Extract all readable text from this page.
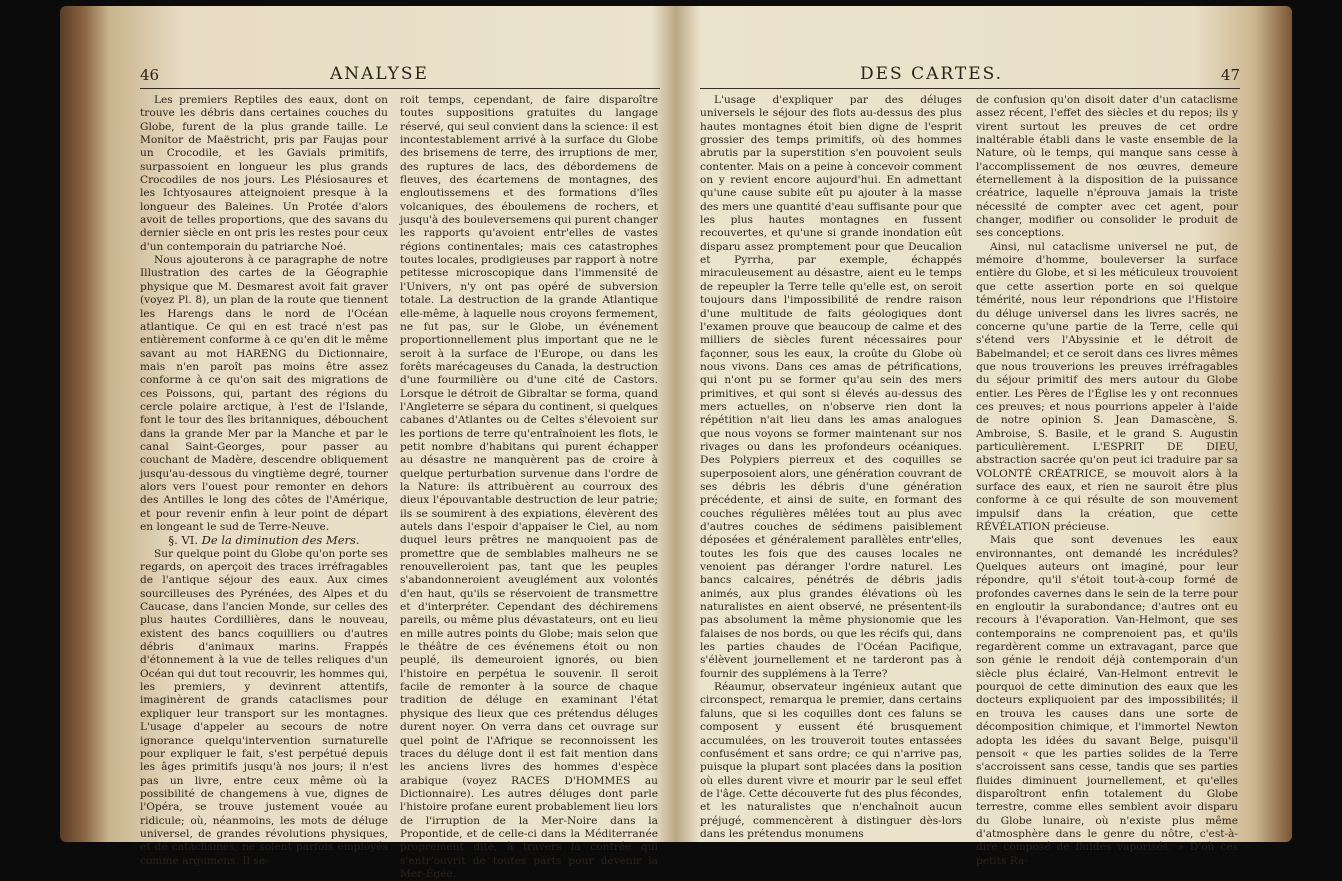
46	ANALYSE

Les premiers Reptiles des eaux, dont on trouve les débris dans certaines couches du Globe, furent de la plus grande taille. Le Monitor de Maëstricht, pris par Faujas pour un Crocodile, et les Gavials primitifs, surpassoient en longueur les plus grands Crocodiles de nos jours. Les Plésiosaures et les Ichtyosaures atteignoient presque à la longueur des Baleines. Un Protée d'alors avoit de telles proportions, que des savans du dernier siècle en ont pris les restes pour ceux d'un contemporain du patriarche Noé.

Nous ajouterons à ce paragraphe de notre Illustration des cartes de la Géographie physique que M. Desmarest avoit fait graver (voyez Pl. 8), un plan de la route que tiennent les Harengs dans le nord de l'Océan atlantique. Ce qui en est tracé n'est pas entièrement conforme à ce qu'en dit le même savant au mot HARENG du Dictionnaire, mais n'en paroît pas moins être assez conforme à ce qu'on sait des migrations de ces Poissons, qui, partant des régions du cercle polaire arctique, à l'est de l'Islande, font le tour des îles britanniques, débouchent dans la grande Mer par la Manche et par le canal Saint-Georges, pour passer au couchant de Madère, descendre obliquement jusqu'au-dessous du vingtième degré, tourner alors vers l'ouest pour remonter en dehors des Antilles le long des côtes de l'Amérique, et pour revenir enfin à leur point de départ en longeant le sud de Terre-Neuve.

§. VI. De la diminution des Mers.

Sur quelque point du Globe qu'on porte ses regards, on aperçoit des traces irréfragables de l'antique séjour des eaux. Aux cimes sourcilleuses des Pyrénées, des Alpes et du Caucase, dans l'ancien Monde, sur celles des plus hautes Cordillières, dans le nouveau, existent des bancs coquilliers ou d'autres débris d'animaux marins. Frappés d'étonnement à la vue de telles reliques d'un Océan qui dut tout recouvrir, les hommes qui, les premiers, y devinrent attentifs, imaginèrent de grands cataclismes pour expliquer leur transport sur les montagnes. L'usage d'appeler au secours de notre ignorance quelqu'intervention surnaturelle pour expliquer le fait, s'est perpétué depuis les âges primitifs jusqu'à nos jours; il n'est pas un livre, entre ceux même où la possibilité de changemens à vue, dignes de l'Opéra, se trouve justement vouée au ridicule; où, néanmoins, les mots de déluge universel, de grandes révolutions physiques, et de cataclismes, ne soient parfois employés comme argumens. Il se-

roit temps, cependant, de faire disparoître toutes suppositions gratuites du langage réservé, qui seul convient dans la science: il est incontestablement arrivé à la surface du Globe des brisemens de terre, des irruptions de mer, des ruptures de lacs, des débordemens de fleuves, des écartemens de montagnes, des engloutissemens et des formations d'îles volcaniques, des éboulemens de rochers, et jusqu'à des bouleversemens qui purent changer les rapports qu'avoient entr'elles de vastes régions continentales; mais ces catastrophes toutes locales, prodigieuses par rapport à notre petitesse microscopique dans l'immensité de l'Univers, n'y ont pas opéré de subversion totale. La destruction de la grande Atlantique elle-même, à laquelle nous croyons fermement, ne fut pas, sur le Globe, un événement proportionnellement plus important que ne le seroit à la surface de l'Europe, ou dans les forêts marécageuses du Canada, la destruction d'une fourmilière ou d'une cité de Castors. Lorsque le détroit de Gibraltar se forma, quand l'Angleterre se sépara du continent, si quelques cabanes d'Atlantes ou de Celtes s'élevoient sur les portions de terre qu'entraînoient les flots, le petit nombre d'habitans qui purent échapper au désastre ne manquèrent pas de croire à quelque perturbation survenue dans l'ordre de la Nature: ils attribuèrent au courroux des dieux l'épouvantable destruction de leur patrie; ils se soumirent à des expiations, élevèrent des autels dans l'espoir d'appaiser le Ciel, au nom duquel leurs prêtres ne manquoient pas de promettre que de semblables malheurs ne se renouvelleroient pas, tant que les peuples s'abandonneroient aveuglément aux volontés d'en haut, qu'ils se réservoient de transmettre et d'interpréter. Cependant des déchiremens pareils, ou même plus dévastateurs, ont eu lieu en mille autres points du Globe; mais selon que le théâtre de ces événemens étoit ou non peuplé, ils demeuroient ignorés, ou bien l'histoire en perpétua le souvenir. Il seroit facile de remonter à la source de chaque tradition de déluge en examinant l'état physique des lieux que ces prétendus déluges durent noyer. On verra dans cet ouvrage sur quel point de l'Afrique se reconnoissent les traces du déluge dont il est fait mention dans les anciens livres des hommes d'espèce arabique (voyez RACES D'HOMMES au Dictionnaire). Les autres déluges dont parle l'histoire profane eurent probablement lieu lors de l'irruption de la Mer-Noire dans la Propontide, et de celle-ci dans la Méditerranée proprement dite, à travers la contrée qui s'entr'ouvrit de toutes parts pour devenir la Mer-Égée.

DES CARTES.	47

L'usage d'expliquer par des déluges universels le séjour des flots au-dessus des plus hautes montagnes étoit bien digne de l'esprit grossier des temps primitifs, où des hommes abrutis par la superstition s'en pouvoient seuls contenter. Mais on a peine à concevoir comment on y revient encore aujourd'hui. En admettant qu'une cause subite eût pu ajouter à la masse des mers une quantité d'eau suffisante pour que les plus hautes montagnes en fussent recouvertes, et qu'une si grande inondation eût disparu assez promptement pour que Deucalion et Pyrrha, par exemple, échappés miraculeusement au désastre, aient eu le temps de repeupler la Terre telle qu'elle est, on seroit toujours dans l'impossibilité de rendre raison d'une multitude de faits géologiques dont l'examen prouve que beaucoup de calme et des milliers de siècles furent nécessaires pour façonner, sous les eaux, la croûte du Globe où nous vivons. Dans ces amas de pétrifications, qui n'ont pu se former qu'au sein des mers primitives, et qui sont si élevés au-dessus des mers actuelles, on n'observe rien dont la répétition n'ait lieu dans les amas analogues que nous voyons se former maintenant sur nos rivages ou dans les profondeurs océaniques. Des Polypiers pierreux et des coquilles se superposoient alors, une génération couvrant de ses débris les débris d'une génération précédente, et ainsi de suite, en formant des couches régulières mêlées tout au plus avec d'autres couches de sédimens paisiblement déposées et généralement parallèles entr'elles, toutes les fois que des causes locales ne venoient pas déranger l'ordre naturel. Les bancs calcaires, pénétrés de débris jadis animés, aux plus grandes élévations où les naturalistes en aient observé, ne présentent-ils pas absolument la même physionomie que les falaises de nos bords, ou que les récifs qui, dans les parties chaudes de l'Océan Pacifique, s'élèvent journellement et ne tarderont pas à fournir des supplémens à la Terre?

Réaumur, observateur ingénieux autant que circonspect, remarqua le premier, dans certains faluns, que si les coquilles dont ces faluns se composent y eussent été brusquement accumulées, on les trouveroit toutes entassées confusément et sans ordre; ce qui n'arrive pas, puisque la plupart sont placées dans la position où elles durent vivre et mourir par le seul effet de l'âge. Cette découverte fut des plus fécondes, et les naturalistes que n'enchaînoit aucun préjugé, commencèrent à distinguer dès-lors dans les prétendus monumens

de confusion qu'on disoit dater d'un cataclisme assez récent, l'effet des siècles et du repos; ils y virent surtout les preuves de cet ordre inaltérable établi dans le vaste ensemble de la Nature, où le temps, qui manque sans cesse à l'accomplissement de nos œuvres, demeure éternellement à la disposition de la puissance créatrice, laquelle n'éprouva jamais la triste nécessité de compter avec cet agent, pour changer, modifier ou consolider le produit de ses conceptions.

Ainsi, nul cataclisme universel ne put, de mémoire d'homme, bouleverser la surface entière du Globe, et si les méticuleux trouvoient que cette assertion porte en soi quelque témérité, nous leur répondrions que l'Histoire du déluge universel dans les livres sacrés, ne concerne qu'une partie de la Terre, celle qui s'étend vers l'Abyssinie et le détroit de Babelmandel; et ce seroit dans ces livres mêmes que nous trouverions les preuves irréfragables du séjour primitif des mers autour du Globe entier. Les Pères de l'Église les y ont reconnues ces preuves; et nous pourrions appeler à l'aide de notre opinion S. Jean Damascène, S. Ambroise, S. Basile, et le grand S. Augustin particulièrement. L'ESPRIT DE DIEU, abstraction sacrée qu'on peut ici traduire par sa VOLONTÉ CRÉATRICE, se mouvoit alors à la surface des eaux, et rien ne sauroit être plus conforme à ce qui résulte de son mouvement impulsif dans la création, que cette RÉVÉLATION précieuse.

Mais que sont devenues les eaux environnantes, ont demandé les incrédules? Quelques auteurs ont imaginé, pour leur répondre, qu'il s'étoit tout-à-coup formé de profondes cavernes dans le sein de la terre pour en engloutir la surabondance; d'autres ont eu recours à l'évaporation. Van-Helmont, que ses contemporains ne comprenoient pas, et qu'ils regardèrent comme un extravagant, parce que son génie le rendoit déjà contemporain d'un siècle plus éclairé, Van-Helmont entrevit le pourquoi de cette diminution des eaux que les docteurs expliquoient par des impossibilités; il en trouva les causes dans une sorte de décomposition chimique, et l'immortel Newton adopta les idées du savant Belge, puisqu'il pensoit « que les parties solides de la Terre s'accroissent sans cesse, tandis que ses parties fluides diminuent journellement, et qu'elles disparoîtront enfin totalement du Globe terrestre, comme elles semblent avoir disparu du Globe lunaire, où n'existe plus même d'atmosphère dans le genre du nôtre, c'est-à-dire composé de fluides vaporisés. » D'où ces petits Ra-
